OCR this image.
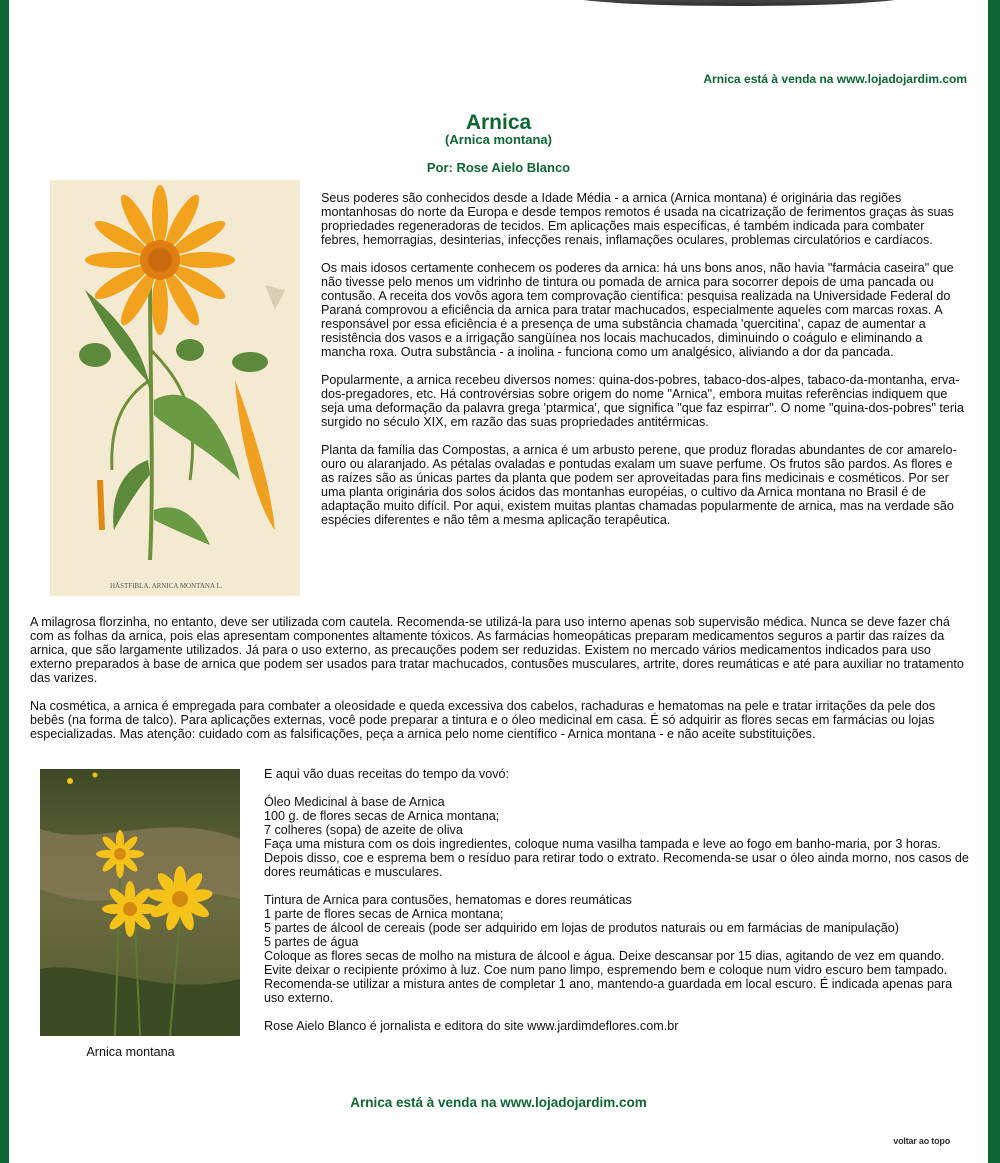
Arnica está à venda na www.lojadojardim.com
Arnica
(Arnica montana)
Por: Rose Aielo Blanco
HÄSTFIBLA, ARNICA MONTANA L.

Seus poderes são conhecidos desde a Idade Média - a arnica (Arnica montana) é originária das regiões montanhosas do norte da Europa e desde tempos remotos é usada na cicatrização de ferimentos graças às suas propriedades regeneradoras de tecidos. Em aplicações mais específicas, é também indicada para combater febres, hemorragias, desinterias, infecções renais, inflamações oculares, problemas circulatórios e cardíacos.

Os mais idosos certamente conhecem os poderes da arnica: há uns bons anos, não havia "farmácia caseira" que não tivesse pelo menos um vidrinho de tintura ou pomada de arnica para socorrer depois de uma pancada ou contusão. A receita dos vovôs agora tem comprovação científica: pesquisa realizada na Universidade Federal do Paraná comprovou a eficiência da arnica para tratar machucados, especialmente aqueles com marcas roxas. A responsável por essa eficiência é a presença de uma substância chamada 'quercitina', capaz de aumentar a resistência dos vasos e a irrigação sangüínea nos locais machucados, diminuindo o coágulo e eliminando a mancha roxa. Outra substância - a inolina - funciona como um analgésico, aliviando a dor da pancada.

Popularmente, a arnica recebeu diversos nomes: quina-dos-pobres, tabaco-dos-alpes, tabaco-da-montanha, erva-dos-pregadores, etc. Há controvérsias sobre origem do nome "Arnica", embora muitas referências indiquem que seja uma deformação da palavra grega 'ptarmica', que significa "que faz espirrar". O nome "quina-dos-pobres" teria surgido no século XIX, em razão das suas propriedades antitérmicas.

Planta da família das Compostas, a arnica é um arbusto perene, que produz floradas abundantes de cor amarelo-ouro ou alaranjado. As pétalas ovaladas e pontudas exalam um suave perfume. Os frutos são pardos. As flores e as raízes são as únicas partes da planta que podem ser aproveitadas para fins medicinais e cosméticos. Por ser uma planta originária dos solos ácidos das montanhas européias, o cultivo da Arnica montana no Brasil é de adaptação muito difícil. Por aqui, existem muitas plantas chamadas popularmente de arnica, mas na verdade são espécies diferentes e não têm a mesma aplicação terapêutica.

A milagrosa florzinha, no entanto, deve ser utilizada com cautela. Recomenda-se utilizá-la para uso interno apenas sob supervisão médica. Nunca se deve fazer chá com as folhas da arnica, pois elas apresentam componentes altamente tóxicos. As farmácias homeopáticas preparam medicamentos seguros a partir das raízes da arnica, que são largamente utilizados. Já para o uso externo, as precauções podem ser reduzidas. Existem no mercado vários medicamentos indicados para uso externo preparados à base de arnica que podem ser usados para tratar machucados, contusões musculares, artrite, dores reumáticas e até para auxiliar no tratamento das varizes.

Na cosmética, a arnica é empregada para combater a oleosidade e queda excessiva dos cabelos, rachaduras e hematomas na pele e tratar irritações da pele dos bebês (na forma de talco). Para aplicações externas, você pode preparar a tintura e o óleo medicinal em casa. É só adquirir as flores secas em farmácias ou lojas especializadas. Mas atenção: cuidado com as falsificações, peça a arnica pelo nome científico - Arnica montana - e não aceite substituições.

Arnica montana

E aqui vão duas receitas do tempo da vovó:

Óleo Medicinal à base de Arnica
100 g. de flores secas de Arnica montana;
7 colheres (sopa) de azeite de oliva
Faça uma mistura com os dois ingredientes, coloque numa vasilha tampada e leve ao fogo em banho-maria, por 3 horas. Depois disso, coe e esprema bem o resíduo para retirar todo o extrato. Recomenda-se usar o óleo ainda morno, nos casos de dores reumáticas e musculares.

Tintura de Arnica para contusões, hematomas e dores reumáticas
1 parte de flores secas de Arnica montana;
5 partes de álcool de cereais (pode ser adquirido em lojas de produtos naturais ou em farmácias de manipulação)
5 partes de água
Coloque as flores secas de molho na mistura de álcool e água. Deixe descansar por 15 dias, agitando de vez em quando. Evite deixar o recipiente próximo à luz. Coe num pano limpo, espremendo bem e coloque num vidro escuro bem tampado. Recomenda-se utilizar a mistura antes de completar 1 ano, mantendo-a guardada em local escuro. É indicada apenas para uso externo.

Rose Aielo Blanco é jornalista e editora do site www.jardimdeflores.com.br

Arnica está à venda na www.lojadojardim.com
voltar ao topo
